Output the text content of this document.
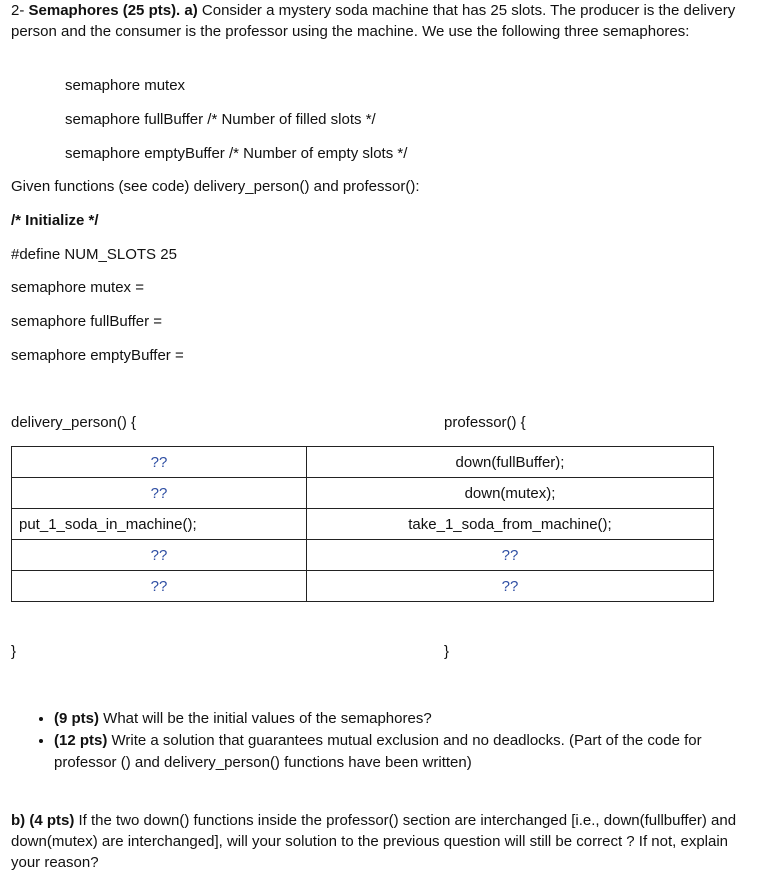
2- Semaphores (25 pts). a) Consider a mystery soda machine that has 25 slots. The producer is the delivery person and the consumer is the professor using the machine. We use the following three semaphores:
semaphore mutex
semaphore fullBuffer /* Number of filled slots */
semaphore emptyBuffer /* Number of empty slots */
Given functions (see code) delivery_person() and professor():
/* Initialize */
#define NUM_SLOTS 25
semaphore mutex =
semaphore fullBuffer =
semaphore emptyBuffer =
delivery_person() {	professor() {
??	down(fullBuffer);
??	down(mutex);
put_1_soda_in_machine();	take_1_soda_from_machine();
??	??
??	??
}	}
• (9 pts) What will be the initial values of the semaphores?
• (12 pts) Write a solution that guarantees mutual exclusion and no deadlocks. (Part of the code for professor () and delivery_person() functions have been written)
b) (4 pts) If the two down() functions inside the professor() section are interchanged [i.e., down(fullbuffer) and down(mutex) are interchanged], will your solution to the previous question will still be correct ? If not, explain your reason?
